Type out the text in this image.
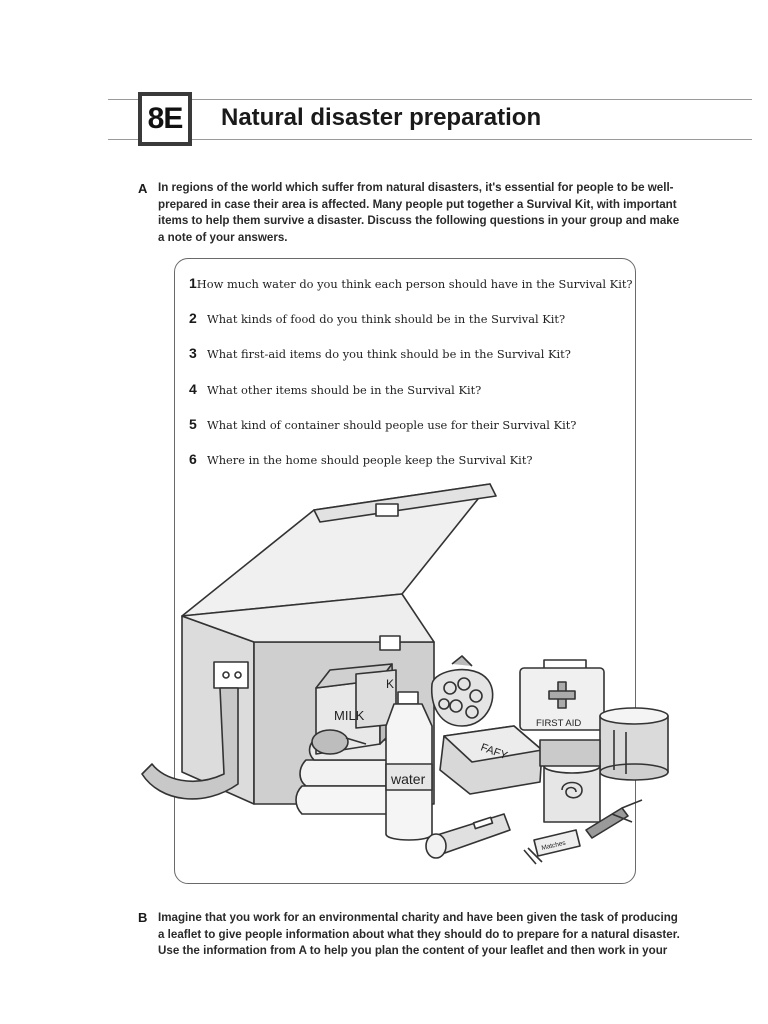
8E Natural disaster preparation
A In regions of the world which suffer from natural disasters, it's essential for people to be well-prepared in case their area is affected. Many people put together a Survival Kit, with important items to help them survive a disaster. Discuss the following questions in your group and make a note of your answers.
1 How much water do you think each person should have in the Survival Kit?
2 What kinds of food do you think should be in the Survival Kit?
3 What first-aid items do you think should be in the Survival Kit?
4 What other items should be in the Survival Kit?
5 What kind of container should people use for their Survival Kit?
6 Where in the home should people keep the Survival Kit?
MILK
K
water
FAFY
FIRST AID
Matches
B Imagine that you work for an environmental charity and have been given the task of producing a leaflet to give people information about what they should do to prepare for a natural disaster. Use the information from A to help you plan the content of your leaflet and then work in your
